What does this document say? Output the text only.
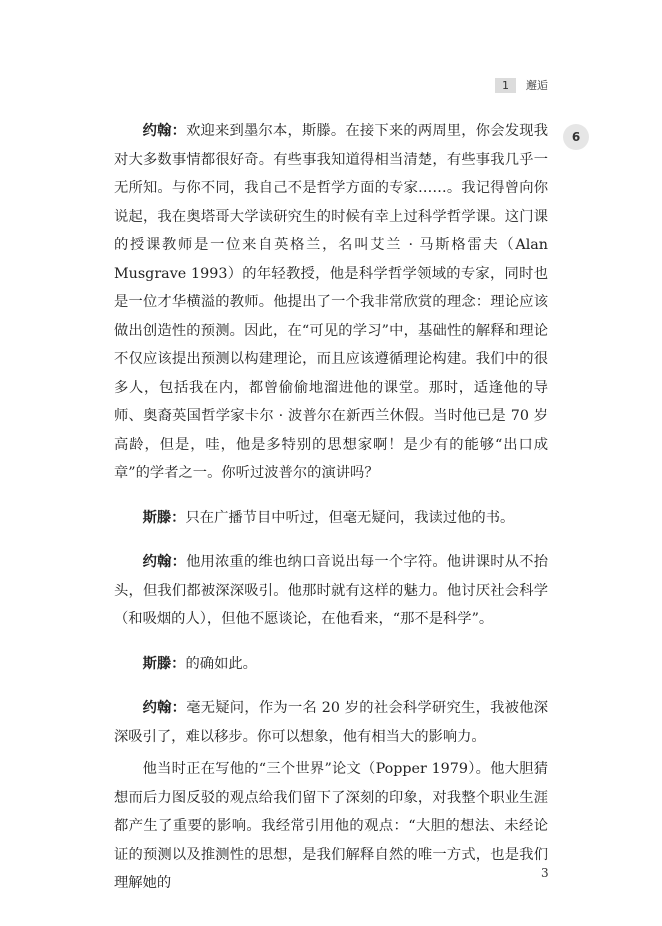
1	邂逅
6

约翰：欢迎来到墨尔本，斯滕。在接下来的两周里，你会发现我对大多数事情都很好奇。有些事我知道得相当清楚，有些事我几乎一无所知。与你不同，我自己不是哲学方面的专家……。我记得曾向你说起，我在奥塔哥大学读研究生的时候有幸上过科学哲学课。这门课的授课教师是一位来自英格兰，名叫艾兰 · 马斯格雷夫（Alan Musgrave 1993）的年轻教授，他是科学哲学领域的专家，同时也是一位才华横溢的教师。他提出了一个我非常欣赏的理念：理论应该做出创造性的预测。因此，在“可见的学习”中，基础性的解释和理论不仅应该提出预测以构建理论，而且应该遵循理论构建。我们中的很多人，包括我在内，都曾偷偷地溜进他的课堂。那时，适逢他的导师、奥裔英国哲学家卡尔 · 波普尔在新西兰休假。当时他已是 70 岁高龄，但是，哇，他是多特别的思想家啊！是少有的能够“出口成章”的学者之一。你听过波普尔的演讲吗？

斯滕：只在广播节目中听过，但毫无疑问，我读过他的书。

约翰：他用浓重的维也纳口音说出每一个字符。他讲课时从不抬头，但我们都被深深吸引。他那时就有这样的魅力。他讨厌社会科学（和吸烟的人），但他不愿谈论，在他看来，“那不是科学”。

斯滕：的确如此。

约翰：毫无疑问，作为一名 20 岁的社会科学研究生，我被他深深吸引了，难以移步。你可以想象，他有相当大的影响力。

他当时正在写他的“三个世界”论文（Popper 1979）。他大胆猜想而后力图反驳的观点给我们留下了深刻的印象，对我整个职业生涯都产生了重要的影响。我经常引用他的观点：“大胆的想法、未经论证的预测以及推测性的思想，是我们解释自然的唯一方式，也是我们理解她的

3
